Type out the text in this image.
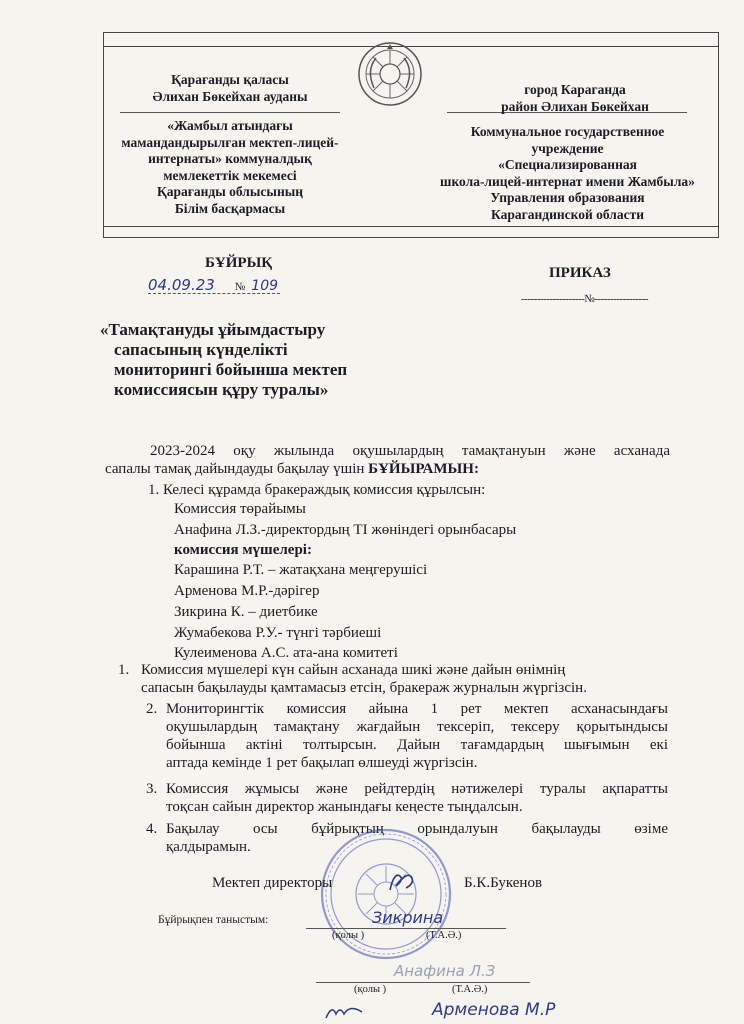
Қарағанды қаласы
Әлихан Бөкейхан ауданы	город Караганда
район Әлихан Бөкейхан
«Жамбыл атындағы
мамандандырылған мектеп-лицей-
интернаты» коммуналдық
мемлекеттік мекемесі
Қарағанды облысының
Білім басқармасы
Коммунальное государственное
учреждение
«Специализированная
школа-лицей-интернат имени Жамбыла»
Управления образования
Карагандинской области
БҰЙРЫҚ
ПРИКАЗ
04.09.23 № 109
--------------------№-----------------
«Тамақтануды ұйымдастыру
сапасының күнделікті
мониторингі бойынша мектеп
комиссиясын құру туралы»
2023-2024  оқу  жылында  оқушылардың  тамақтануын  және  асханада
сапалы тамақ дайындауды бақылау үшін БҰЙЫРАМЫН:
1. Келесі құрамда бракераждық комиссия құрылсын:
Комиссия төрайымы
Анафина Л.З.-директордың ТІ жөніндегі орынбасары
комиссия мүшелері:
Карашина Р.Т. – жатақхана меңгерушісі
Арменова М.Р.-дәрігер
Зикрина К. – диетбике
Жумабекова Р.У.- түнгі тәрбиеші
Кулеименова А.С. ата-ана комитеті
1. Комиссия мүшелері күн сайын асханада шикі және дайын өнімнің
сапасын бақылауды қамтамасыз етсін, бракераж журналын жүргізсін.
2. Мониторингтік  комиссия  айына  1  рет  мектеп  асханасындағы
оқушылардың тамақтану жағдайын тексеріп, тексеру қорытындысы
бойынша  актіні  толтырсын.  Дайын  тағамдардың  шығымын  екі
аптада кемінде 1 рет бақылап өлшеуді жүргізсін.
3. Комиссия  жұмысы  және  рейдтердің  нәтижелері  туралы  ақпаратты
тоқсан сайын директор жанындағы кеңесте тыңдалсын.
4. Бақылау    осы    бұйрықтың    орындалуын    бақылауды    өзіме
қалдырамын.
Мектеп директоры	Б.К.Букенов
Бұйрықпен таныстым:	Зикрина
(қолы )	(Т.А.Ә.)
Анафина Л.З
(қолы )	(Т.А.Ә.)
Арменова М.Р
